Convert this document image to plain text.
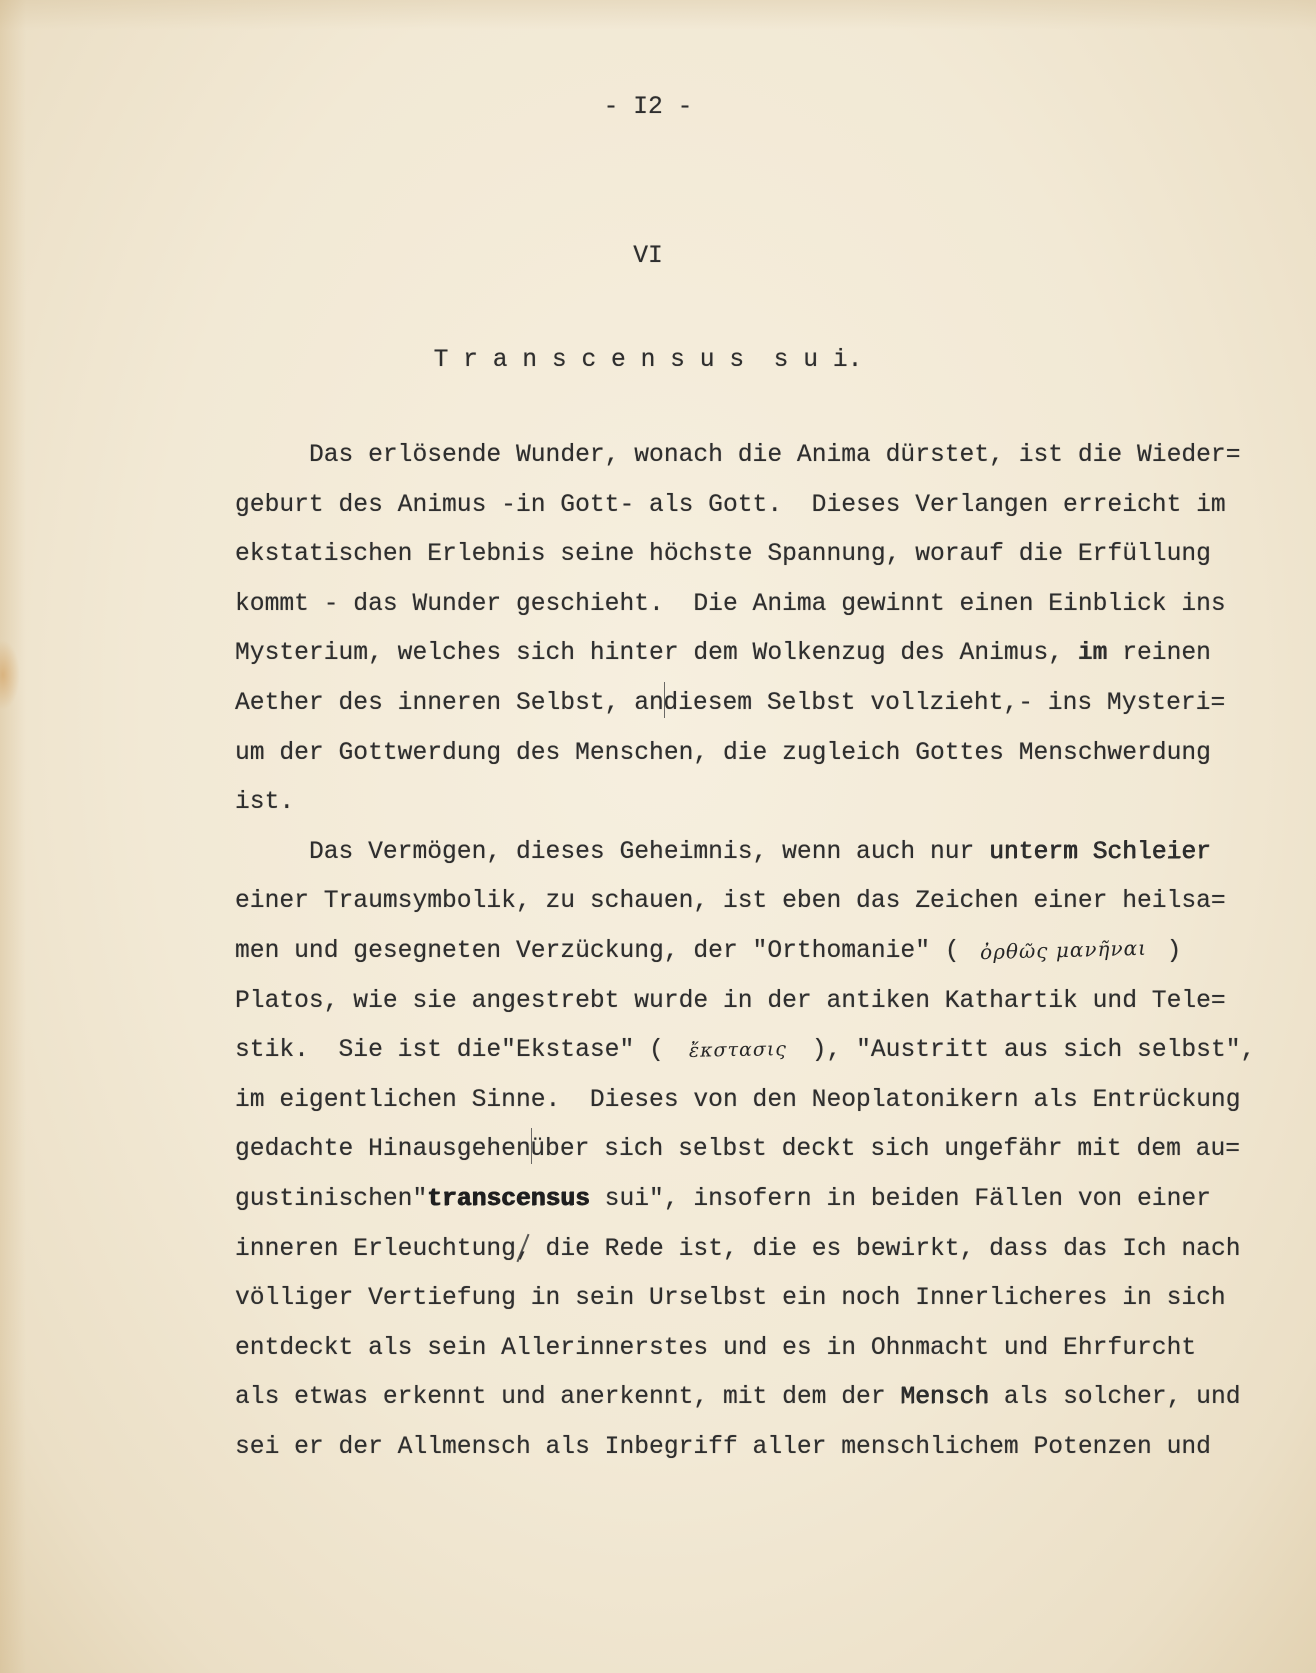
- I2 -
VI
T r a n s c e n s u s  s u i.
Das erlösende Wunder, wonach die Anima dürstet, ist die Wieder=
geburt des Animus -in Gott- als Gott.  Dieses Verlangen erreicht im
ekstatischen Erlebnis seine höchste Spannung, worauf die Erfüllung
kommt - das Wunder geschieht.  Die Anima gewinnt einen Einblick ins
Mysterium, welches sich hinter dem Wolkenzug des Animus, im reinen
Aether des inneren Selbst, andiesem Selbst vollzieht,- ins Mysteri=
um der Gottwerdung des Menschen, die zugleich Gottes Menschwerdung
ist.
Das Vermögen, dieses Geheimnis, wenn auch nur unterm Schleier
einer Traumsymbolik, zu schauen, ist eben das Zeichen einer heilsa=
men und gesegneten Verzückung, der "Orthomanie" ( ὀρθῶς μανῆναι )
Platos, wie sie angestrebt wurde in der antiken Kathartik und Tele=
stik.  Sie ist die"Ekstase" ( ἔκστασις ), "Austritt aus sich selbst",
im eigentlichen Sinne.  Dieses von den Neoplatonikern als Entrückung
gedachte Hinausgehenüber sich selbst deckt sich ungefähr mit dem au=
gustinischen"transcensus sui", insofern in beiden Fällen von einer
inneren Erleuchtung, die Rede ist, die es bewirkt, dass das Ich nach
völliger Vertiefung in sein Urselbst ein noch Innerlicheres in sich
entdeckt als sein Allerinnerstes und es in Ohnmacht und Ehrfurcht
als etwas erkennt und anerkennt, mit dem der Mensch als solcher, und
sei er der Allmensch als Inbegriff aller menschlichem Potenzen und
